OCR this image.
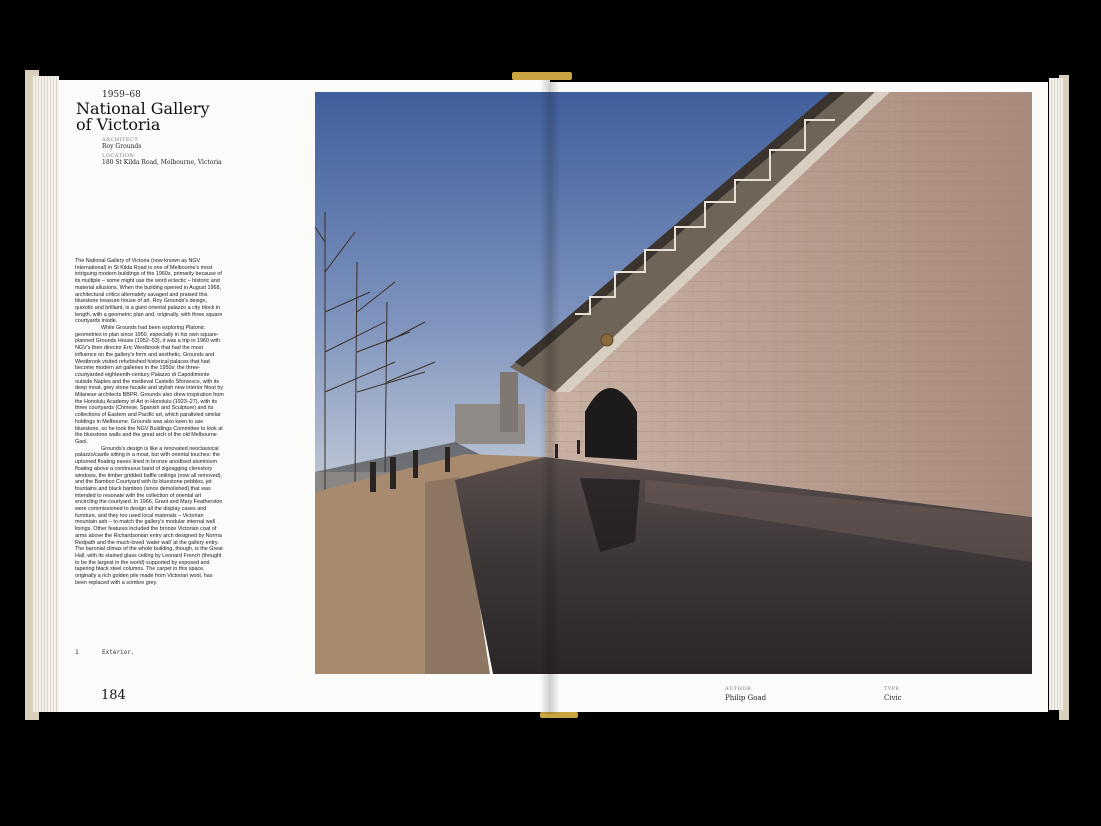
1959–68
National Gallery
of Victoria
ARCHITECT
Roy Grounds
LOCATION
180 St Kilda Road, Melbourne, Victoria

The National Gallery of Victoria (now known as NGV International) in St Kilda Road is one of Melbourne's most intriguing modern buildings of the 1960s, primarily because of its multiple – some might use the word eclectic – historic and material allusions. When the building opened in August 1968, architectural critics alternately savaged and praised this bluestone treasure house of art. Roy Grounds's design, quixotic and brilliant, is a giant oriental palazzo a city block in length, with a geometric plan and, originally, with three square courtyards inside.

While Grounds had been exploring Platonic geometries in plan since 1950, especially in his own square-planned Grounds House (1952–53), it was a trip in 1960 with NGV's then director Eric Westbrook that had the most influence on the gallery's form and aesthetic. Grounds and Westbrook visited refurbished historical palaces that had become modern art galleries in the 1950s: the three-courtyarded eighteenth-century Palazzo di Capodimonte outside Naples and the medieval Castello Sforzesco, with its deep moat, grey stone facade and stylish new interior fitout by Milanese architects BBPR. Grounds also drew inspiration from the Honolulu Academy of Art in Honolulu (1923–27), with its three courtyards (Chinese, Spanish and Sculpture) and its collections of Eastern and Pacific art, which paralleled similar holdings in Melbourne. Grounds was also keen to use bluestone, so he took the NGV Buildings Committee to look at the bluestone walls and the great arch of the old Melbourne Gaol.

Grounds's design is like a renovated neoclassical palazzo/castle sitting in a moat, but with oriental touches: the upturned floating eaves lined in bronze anodised aluminium floating above a continuous band of zigzagging clerestory windows, the timber gridded baffle ceilings (now all removed), and the Bamboo Courtyard with its bluestone pebbles, jet fountains and black bamboo (since demolished) that was intended to resonate with the collection of oriental art encircling the courtyard. In 1966, Grant and Mary Featherston were commissioned to design all the display cases and furniture, and they too used local materials – Victorian mountain ash – to match the gallery's modular internal wall linings. Other features included the bronze Victorian coat of arms above the Richardsonian entry arch designed by Norma Redpath and the much-loved 'water wall' at the gallery entry. The baronial climax of the whole building, though, is the Great Hall, with its stained glass ceiling by Leonard French (thought to be the largest in the world) supported by exposed and tapering black steel columns. The carpet in this space, originally a rich golden pile made from Victorian wool, has been replaced with a sombre grey.

1	Exterior.
184	AUTHOR
Philip Goad
TYPE
Civic
